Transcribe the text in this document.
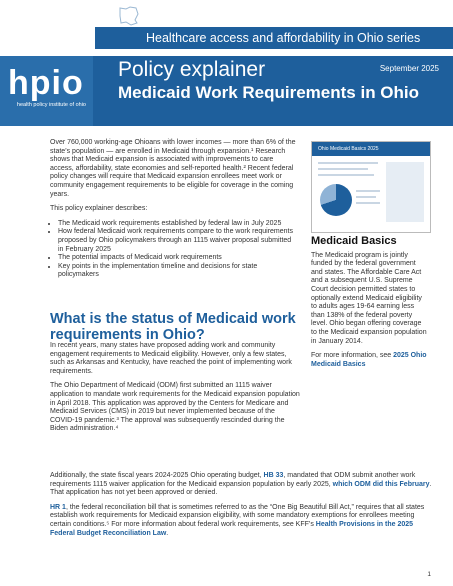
Healthcare access and affordability in Ohio series
hpio
health policy institute of ohio
Policy explainer	September 2025
Medicaid Work Requirements in Ohio

Over 760,000 working-age Ohioans with lower incomes — more than 6% of the state’s population — are enrolled in Medicaid through expansion.¹ Research shows that Medicaid expansion is associated with improvements to care access, affordability, state economies and self-reported health.² Recent federal policy changes will require that Medicaid expansion enrollees meet work or community engagement requirements to be eligible for coverage in the coming years.

This policy explainer describes:

• The Medicaid work requirements established by federal law in July 2025
• How federal Medicaid work requirements compare to the work requirements proposed by Ohio policymakers through an 1115 waiver proposal submitted in February 2025
• The potential impacts of Medicaid work requirements
• Key points in the implementation timeline and decisions for state policymakers
What is the status of Medicaid work requirements in Ohio?

In recent years, many states have proposed adding work and community engagement requirements to Medicaid eligibility. However, only a few states, such as Arkansas and Kentucky, have reached the point of implementing work requirements.

The Ohio Department of Medicaid (ODM) first submitted an 1115 waiver application to mandate work requirements for the Medicaid expansion population in April 2018. This application was approved by the Centers for Medicare and Medicaid Services (CMS) in 2019 but never implemented because of the COVID-19 pandemic.³ The approval was subsequently rescinded during the Biden administration.⁴

Additionally, the state fiscal years 2024-2025 Ohio operating budget, HB 33, mandated that ODM submit another work requirements 1115 waiver application for the Medicaid expansion population by early 2025, which ODM did this February. That application has not yet been approved or denied.

HR 1, the federal reconciliation bill that is sometimes referred to as the “One Big Beautiful Bill Act,” requires that all states establish work requirements for Medicaid expansion eligibility, with some mandatory exemptions for enrollees meeting certain conditions.⁵ For more information about federal work requirements, see KFF’s Health Provisions in the 2025 Federal Budget Reconciliation Law.

Ohio Medicaid Basics 2025

Medicaid Basics

The Medicaid program is jointly funded by the federal government and states. The Affordable Care Act and a subsequent U.S. Supreme Court decision permitted states to optionally extend Medicaid eligibility to adults ages 19-64 earning less than 138% of the federal poverty level. Ohio began offering coverage to the Medicaid expansion population in January 2014.

For more information, see 2025 Ohio Medicaid Basics

1
